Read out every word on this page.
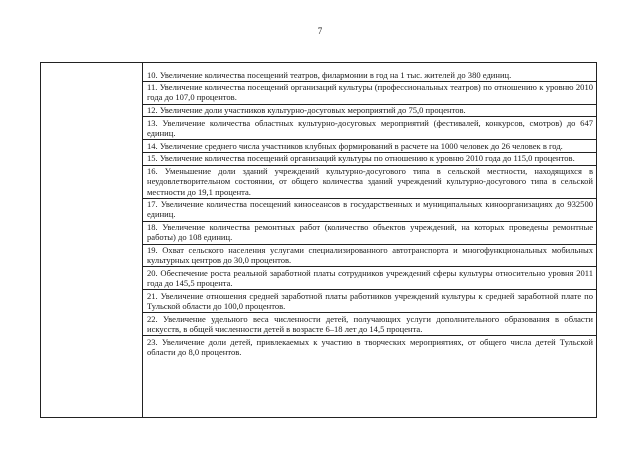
7
10. Увеличение количества посещений театров, филармонии в год на 1 тыс. жителей до 380 единиц.
11. Увеличение количества посещений организаций культуры (профессиональных театров) по отношению к уровню 2010 года до 107,0 процентов.
12. Увеличение доли участников культурно-досуговых мероприятий до 75,0 процентов.
13. Увеличение количества областных культурно-досуговых мероприятий (фестивалей, конкурсов, смотров) до 647 единиц.
14. Увеличение среднего числа участников клубных формирований в расчете на 1000 человек до 26 человек в год.
15. Увеличение количества посещений организаций культуры по отношению к уровню 2010 года до 115,0 процентов.
16. Уменьшение доли зданий учреждений культурно-досугового типа в сельской местности, находящихся в неудовлетворительном состоянии, от общего количества зданий учреждений культурно-досугового типа в сельской местности до 19,1 процента.
17. Увеличение количества посещений киносеансов в государственных и муниципальных киноорганизациях до 932500 единиц.
18. Увеличение количества ремонтных работ (количество объектов учреждений, на которых проведены ремонтные работы) до 108 единиц.
19. Охват сельского населения услугами специализированного автотранспорта и многофункциональных мобильных культурных центров до 30,0 процентов.
20. Обеспечение роста реальной заработной платы сотрудников учреждений сферы культуры относительно уровня 2011 года до 145,5 процента.
21. Увеличение отношения средней заработной платы работников учреждений культуры к средней заработной плате по Тульской области до 100,0 процентов.
22. Увеличение удельного веса численности детей, получающих услуги дополнительного образования в области искусств, в общей численности детей в возрасте 6–18 лет до 14,5 процента.
23. Увеличение доли детей, привлекаемых к участию в творческих мероприятиях, от общего числа детей Тульской области до 8,0 процентов.
